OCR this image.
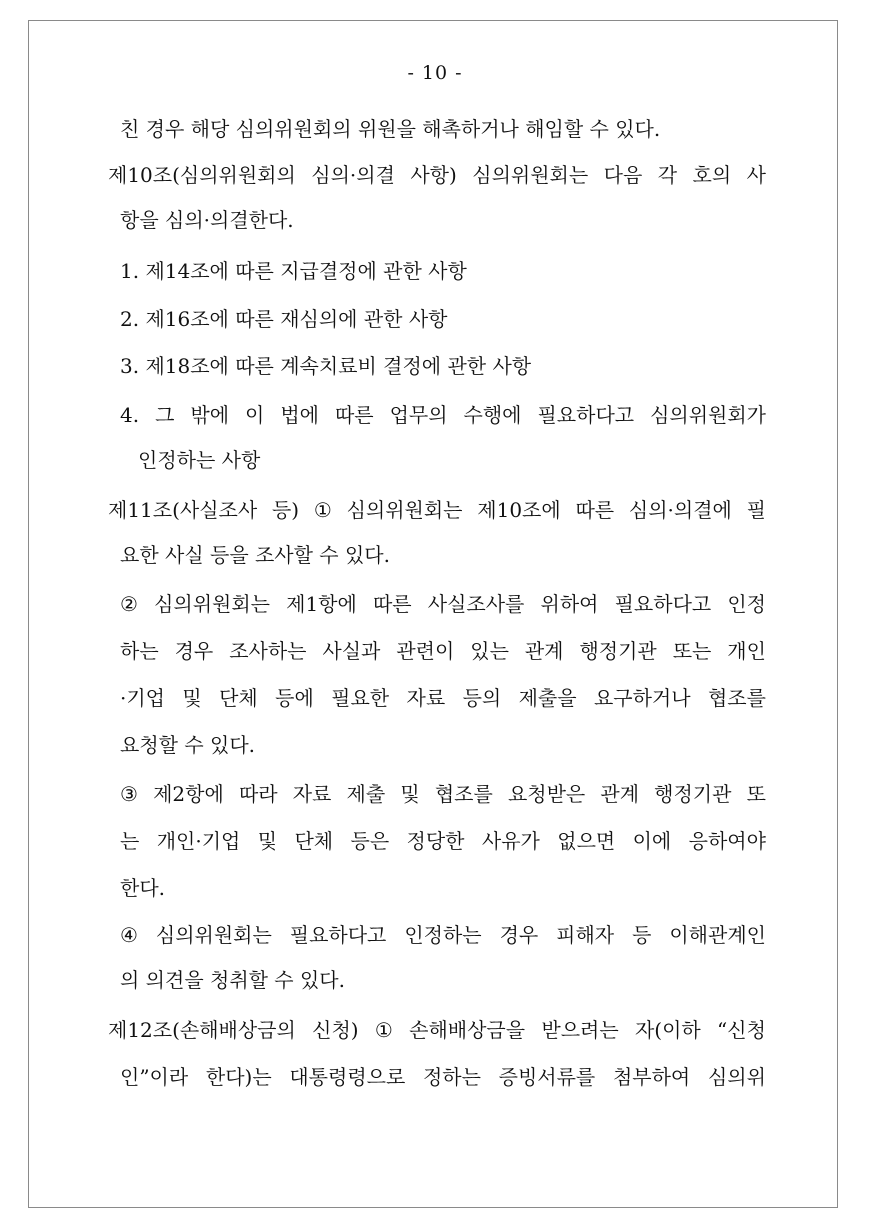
- 10 -
친 경우 해당 심의위원회의 위원을 해촉하거나 해임할 수 있다.
제10조(심의위원회의 심의·의결 사항) 심의위원회는 다음 각 호의 사
항을 심의·의결한다.
1. 제14조에 따른 지급결정에 관한 사항
2. 제16조에 따른 재심의에 관한 사항
3. 제18조에 따른 계속치료비 결정에 관한 사항
4. 그 밖에 이 법에 따른 업무의 수행에 필요하다고 심의위원회가
인정하는 사항
제11조(사실조사 등) ① 심의위원회는 제10조에 따른 심의·의결에 필
요한 사실 등을 조사할 수 있다.
② 심의위원회는 제1항에 따른 사실조사를 위하여 필요하다고 인정
하는 경우 조사하는 사실과 관련이 있는 관계 행정기관 또는 개인
·기업 및 단체 등에 필요한 자료 등의 제출을 요구하거나 협조를
요청할 수 있다.
③ 제2항에 따라 자료 제출 및 협조를 요청받은 관계 행정기관 또
는 개인·기업 및 단체 등은 정당한 사유가 없으면 이에 응하여야
한다.
④ 심의위원회는 필요하다고 인정하는 경우 피해자 등 이해관계인
의 의견을 청취할 수 있다.
제12조(손해배상금의 신청) ① 손해배상금을 받으려는 자(이하 “신청
인”이라 한다)는 대통령령으로 정하는 증빙서류를 첨부하여 심의위
